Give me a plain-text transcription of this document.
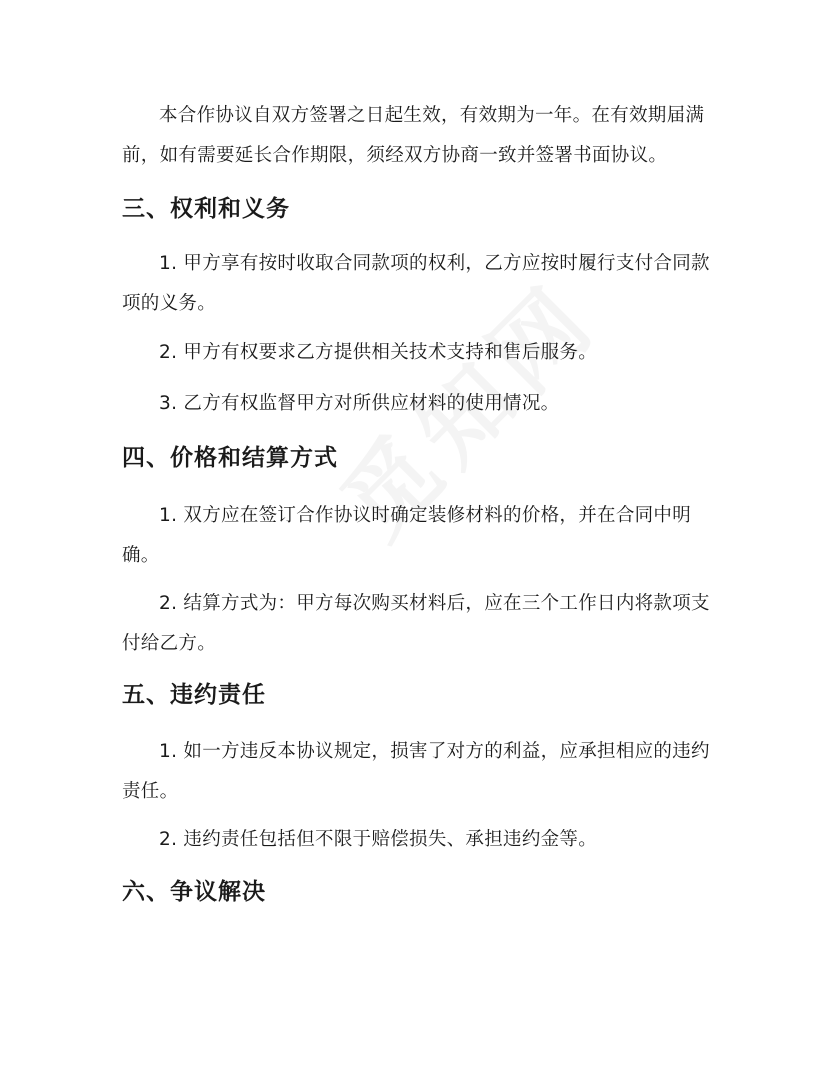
本合作协议自双方签署之日起生效，有效期为一年。在有效期届满前，如有需要延长合作期限，须经双方协商一致并签署书面协议。

三、权利和义务

1. 甲方享有按时收取合同款项的权利，乙方应按时履行支付合同款项的义务。

2. 甲方有权要求乙方提供相关技术支持和售后服务。

3. 乙方有权监督甲方对所供应材料的使用情况。

四、价格和结算方式

1. 双方应在签订合作协议时确定装修材料的价格，并在合同中明确。

2. 结算方式为：甲方每次购买材料后，应在三个工作日内将款项支付给乙方。

五、违约责任

1. 如一方违反本协议规定，损害了对方的利益，应承担相应的违约责任。

2. 违约责任包括但不限于赔偿损失、承担违约金等。

六、争议解决
